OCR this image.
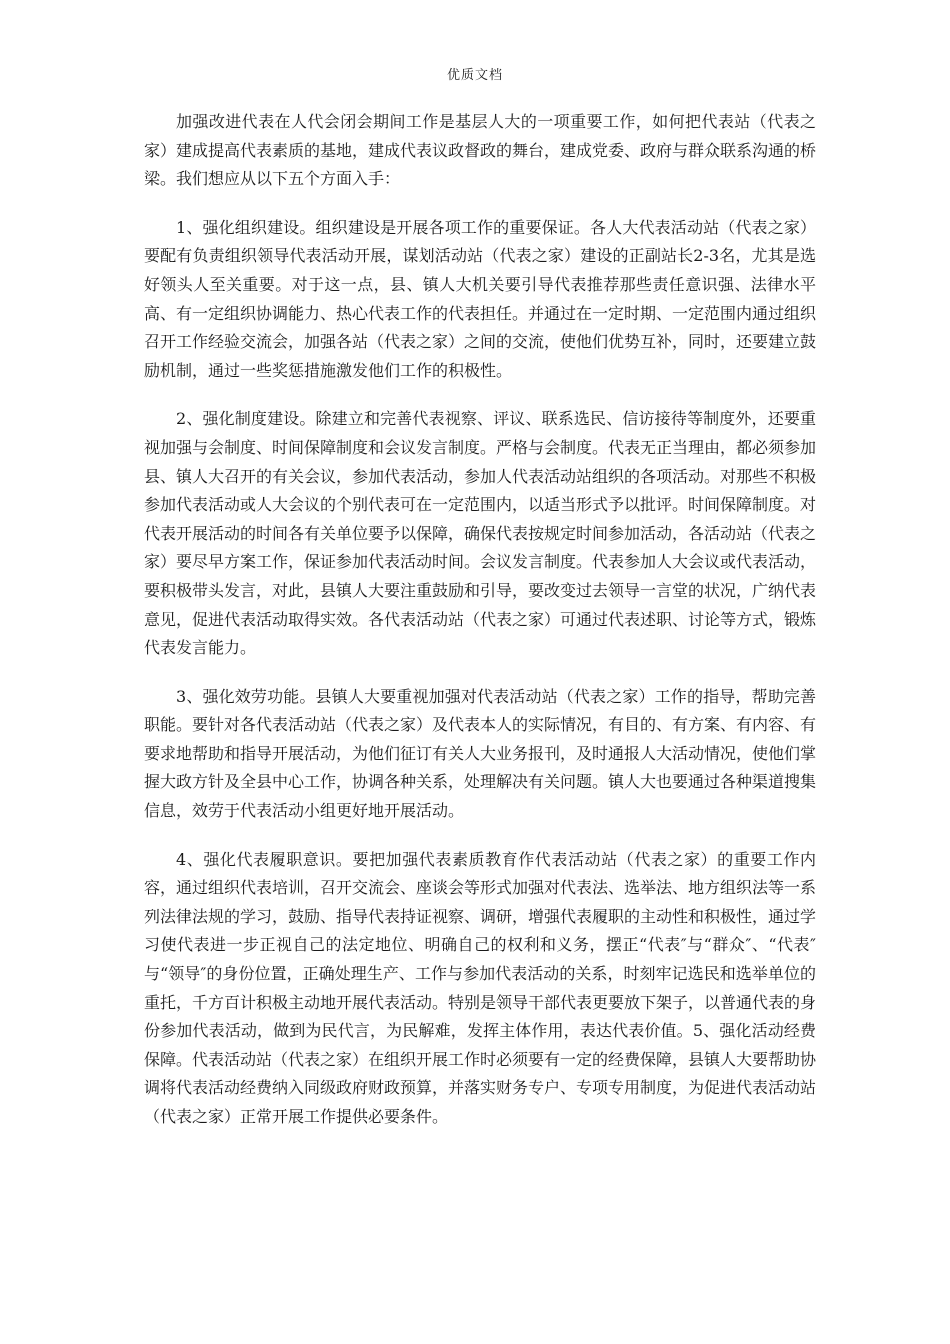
优质文档

加强改进代表在人代会闭会期间工作是基层人大的一项重要工作，如何把代表站（代表之家）建成提高代表素质的基地，建成代表议政督政的舞台，建成党委、政府与群众联系沟通的桥梁。我们想应从以下五个方面入手：

1、强化组织建设。组织建设是开展各项工作的重要保证。各人大代表活动站（代表之家）要配有负责组织领导代表活动开展，谋划活动站（代表之家）建设的正副站长2-3名，尤其是选好领头人至关重要。对于这一点，县、镇人大机关要引导代表推荐那些责任意识强、法律水平高、有一定组织协调能力、热心代表工作的代表担任。并通过在一定时期、一定范围内通过组织召开工作经验交流会，加强各站（代表之家）之间的交流，使他们优势互补，同时，还要建立鼓励机制，通过一些奖惩措施激发他们工作的积极性。

2、强化制度建设。除建立和完善代表视察、评议、联系选民、信访接待等制度外，还要重视加强与会制度、时间保障制度和会议发言制度。严格与会制度。代表无正当理由，都必须参加县、镇人大召开的有关会议，参加代表活动，参加人代表活动站组织的各项活动。对那些不积极参加代表活动或人大会议的个别代表可在一定范围内，以适当形式予以批评。时间保障制度。对代表开展活动的时间各有关单位要予以保障，确保代表按规定时间参加活动，各活动站（代表之家）要尽早方案工作，保证参加代表活动时间。会议发言制度。代表参加人大会议或代表活动，要积极带头发言，对此，县镇人大要注重鼓励和引导，要改变过去领导一言堂的状况，广纳代表意见，促进代表活动取得实效。各代表活动站（代表之家）可通过代表述职、讨论等方式，锻炼代表发言能力。

3、强化效劳功能。县镇人大要重视加强对代表活动站（代表之家）工作的指导，帮助完善职能。要针对各代表活动站（代表之家）及代表本人的实际情况，有目的、有方案、有内容、有要求地帮助和指导开展活动，为他们征订有关人大业务报刊，及时通报人大活动情况，使他们掌握大政方针及全县中心工作，协调各种关系，处理解决有关问题。镇人大也要通过各种渠道搜集信息，效劳于代表活动小组更好地开展活动。

4、强化代表履职意识。要把加强代表素质教育作代表活动站（代表之家）的重要工作内容，通过组织代表培训，召开交流会、座谈会等形式加强对代表法、选举法、地方组织法等一系列法律法规的学习，鼓励、指导代表持证视察、调研，增强代表履职的主动性和积极性，通过学习使代表进一步正视自己的法定地位、明确自己的权利和义务，摆正“代表″与“群众″、“代表″与“领导″的身份位置，正确处理生产、工作与参加代表活动的关系，时刻牢记选民和选举单位的重托，千方百计积极主动地开展代表活动。特别是领导干部代表更要放下架子，以普通代表的身份参加代表活动，做到为民代言，为民解难，发挥主体作用，表达代表价值。5、强化活动经费保障。代表活动站（代表之家）在组织开展工作时必须要有一定的经费保障，县镇人大要帮助协调将代表活动经费纳入同级政府财政预算，并落实财务专户、专项专用制度，为促进代表活动站（代表之家）正常开展工作提供必要条件。
